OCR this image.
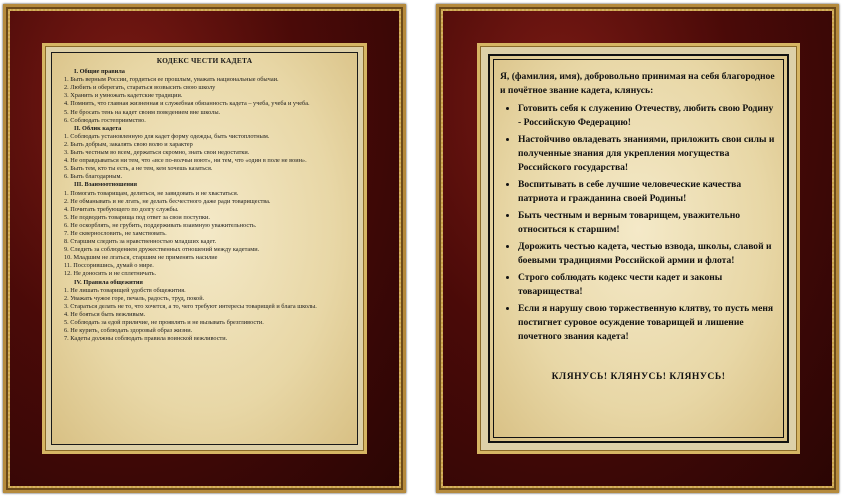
КОДЕКС ЧЕСТИ КАДЕТА
I. Общие правила
1. Быть верным России, гордиться ее прошлым, уважать национальные обычаи.
2. Любить и оберегать, стараться возвысить свою школу
3. Хранить и умножать кадетские традиции.
4. Помнить, что главная жизненная и служебная обязанность кадета – учеба, учеба и учеба.
5. Не бросать тень на кадет своим поведением вне школы.
6. Соблюдать гостеприимство.
II. Облик кадета
1. Соблюдать установленную для кадет форму одежды, быть чистоплотным.
2. Быть добрым, закалять свою волю и характер
3. Быть честным во всем, держаться скромно, знать свои недостатки.
4. Не оправдываться ни тем, что «все по-волчьи воют», ни тем, что «один в поле не воин».
5. Быть тем, кто ты есть, а не тем, кем хочешь казаться.
6. Быть благодарным.
III. Взаимоотношения
1. Помогать товарищам, делиться, не завидовать и не хвастаться.
2. Не обманывать и не лгать, не делать бесчестного даже ради товарищества.
4. Почитать требующего по долгу службы.
5. Не подводить товарища под ответ за свои поступки.
6. Не оскорблять, не грубить, поддерживать взаимную уважительность.
7. Не сквернословить, не хамствовать.
8. Старшим следить за нравственностью младших кадет.
9. Следить за соблюдением дружественных отношений между кадетами.
10. Младшим не лгаться, старшим не применять насилие
11. Поссорившись, думай о мире.
12. Не доносить и не сплетничать.
IV. Правила общежития
1. Не лишать товарищей удобств общежития.
2. Уважать чужое горе, печаль, радость, труд, покой.
3. Стараться делать не то, что хочется, а то, чего требуют интересы товарищей и блага школы.
4. Не бояться быть вежливым.
5. Соблюдать за едой приличие, не проявлять и не вызывать брезгливости.
6. Не курить, соблюдать здоровый образ жизни.
7. Кадеты должны соблюдать правила воинской вежливости.
Я, (фамилия, имя), добровольно принимая на себя благородное и почётное звание кадета, клянусь:
• Готовить себя к служению Отечеству, любить свою Родину - Российскую Федерацию!
• Настойчиво овладевать знаниями, приложить свои силы и полученные знания для укрепления могущества Российского государства!
• Воспитывать в себе лучшие человеческие качества патриота и гражданина своей Родины!
• Быть честным и верным товарищем, уважительно относиться к старшим!
• Дорожить честью кадета, честью взвода, школы, славой и боевыми традициями Российской армии и флота!
• Строго соблюдать кодекс чести кадет и законы товарищества!
• Если я нарушу свою торжественную клятву, то пусть меня постигнет суровое осуждение товарищей и лишение почетного звания кадета!
КЛЯНУСЬ! КЛЯНУСЬ! КЛЯНУСЬ!
